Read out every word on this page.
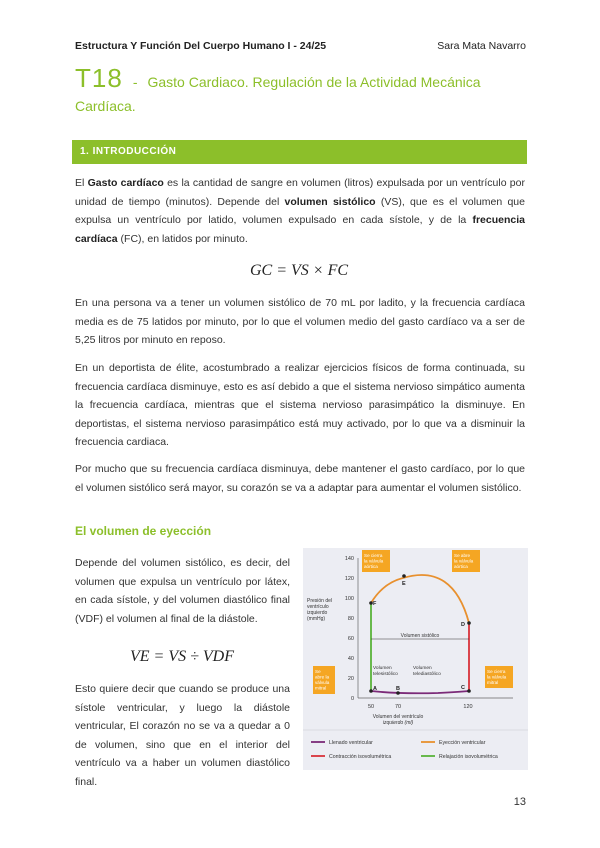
Estructura Y Función Del Cuerpo Humano I - 24/25	Sara Mata Navarro
T18 - Gasto Cardiaco. Regulación de la Actividad Mecánica Cardíaca.
1. INTRODUCCIÓN
El Gasto cardíaco es la cantidad de sangre en volumen (litros) expulsada por un ventrículo por unidad de tiempo (minutos). Depende del volumen sistólico (VS), que es el volumen que expulsa un ventrículo por latido, volumen expulsado en cada sístole, y de la frecuencia cardíaca (FC), en latidos por minuto.
GC = VS × FC
En una persona va a tener un volumen sistólico de 70 mL por ladito, y la frecuencia cardíaca media es de 75 latidos por minuto, por lo que el volumen medio del gasto cardíaco va a ser de 5,25 litros por minuto en reposo.
En un deportista de élite, acostumbrado a realizar ejercicios físicos de forma continuada, su frecuencia cardíaca disminuye, esto es así debido a que el sistema nervioso simpático aumenta la frecuencia cardíaca, mientras que el sistema nervioso parasimpático la disminuye. En deportistas, el sistema nervioso parasimpático está muy activado, por lo que va a disminuir la frecuencia cardiaca.
Por mucho que su frecuencia cardíaca disminuya, debe mantener el gasto cardíaco, por lo que el volumen sistólico será mayor, su corazón se va a adaptar para aumentar el volumen sistólico.
El volumen de eyección
Depende del volumen sistólico, es decir, del volumen que expulsa un ventrículo por látex, en cada sístole, y del volumen diastólico final (VDF) el volumen al final de la diástole.
VE = VS ÷ VDF
Esto quiere decir que cuando se produce una sístole ventricular, y luego la diástole ventricular, El corazón no se va a quedar a 0 de volumen, sino que en el interior del ventrículo va a haber un volumen diastólico final.
Presión del
ventrículo
izquierdo
(mmHg)
0
20
40
60
80
100
120
140
50	70	120
Volumen del ventrículo
izquierdo (ml)
A	B	C
D
E
F
Volumen sistólico
Volumen
telesistólico
Volumen
telediastólico
Se cierra
la válvula
aórtica
Se abre
la válvula
aórtica
Se
abre la
válvula
mitral
Se cierra
la válvula
mitral
Llenado ventricular	Eyección ventricular
Contracción isovolumétrica	Relajación isovolumétrica
13
